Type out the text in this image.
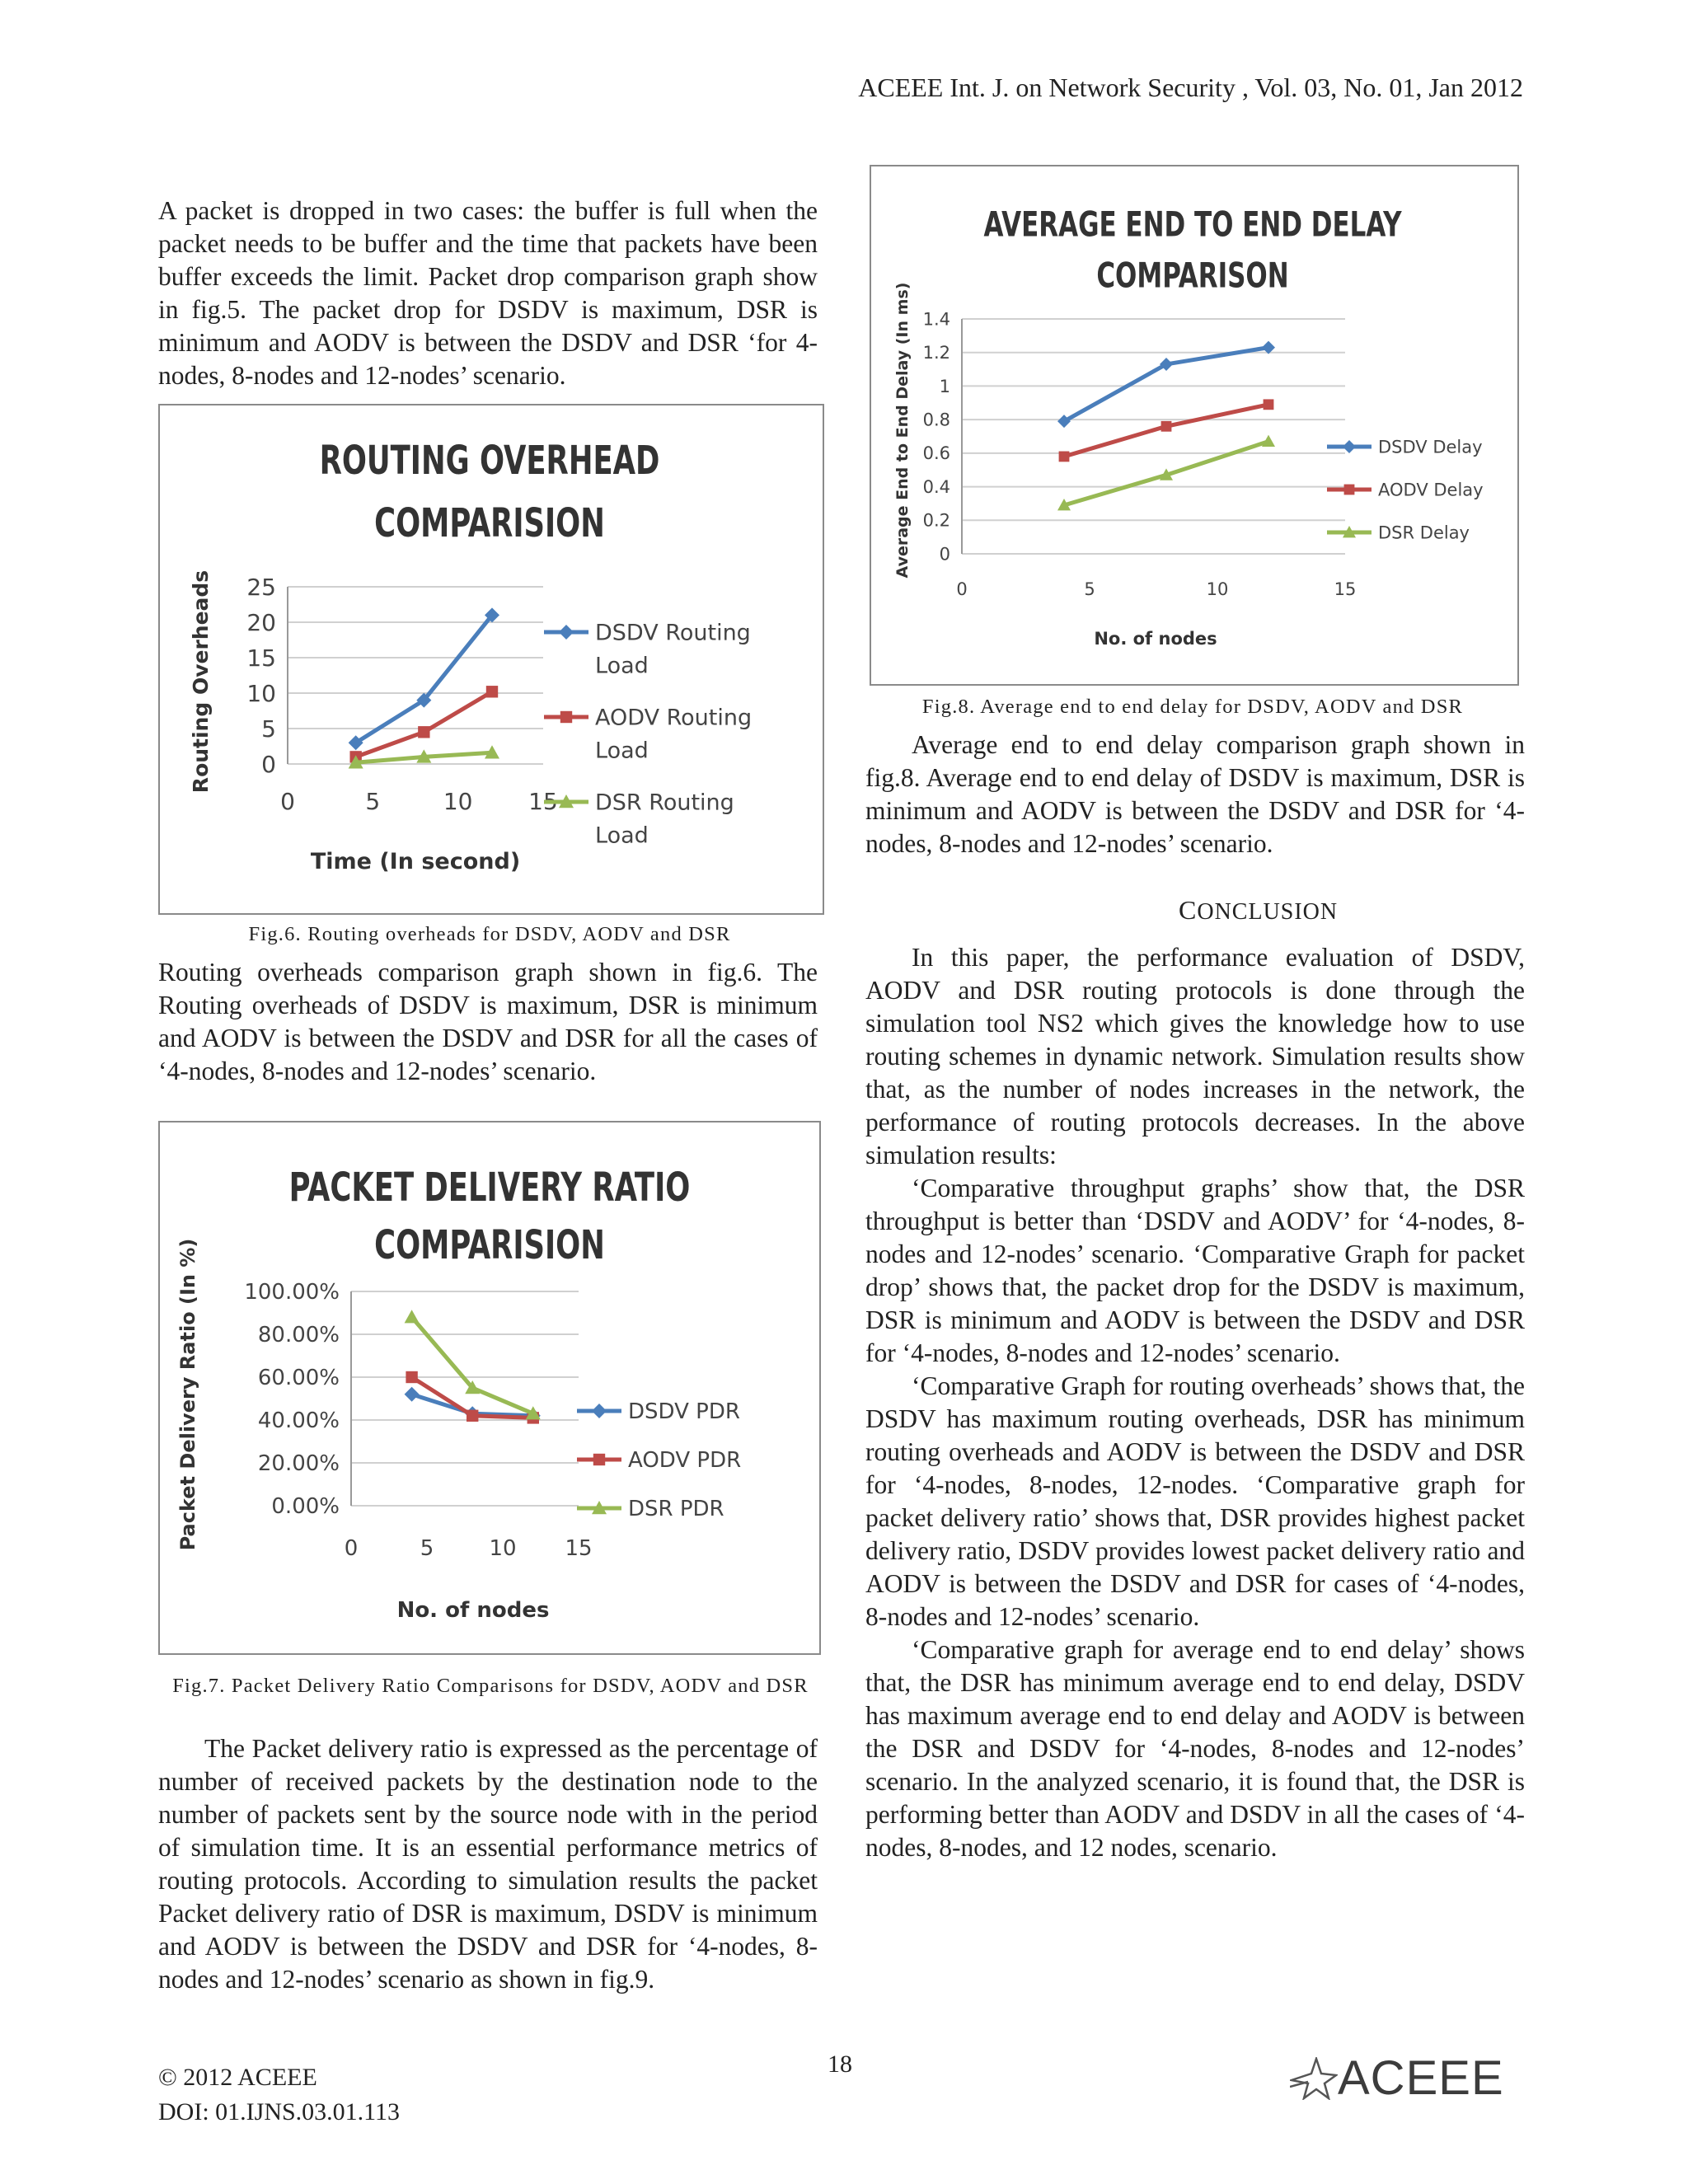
ACEEE Int. J. on Network Security , Vol. 03, No. 01, Jan 2012

A packet is dropped in two cases: the buffer is full when the packet needs to be buffer and the time that packets have been buffer exceeds the limit. Packet drop comparison graph show in fig.5. The packet drop for DSDV is maximum, DSR is minimum and AODV is between the DSDV and DSR ‘for 4-nodes, 8-nodes and 12-nodes’ scenario.

ROUTING OVERHEAD
COMPARISION
0
5
10
15
20
25
0	5	10 15
Time (In second)
Routing Overheads	DSDV Routing
Load
AODV Routing
Load
DSR Routing
Load
Fig.6. Routing overheads for DSDV, AODV and DSR

Routing overheads comparison graph shown in fig.6. The Routing overheads of DSDV is maximum, DSR is minimum and AODV is between the DSDV and DSR for all the cases of ‘4-nodes, 8-nodes and 12-nodes’ scenario.

PACKET DELIVERY RATIO
COMPARISION
0.00%
20.00%
40.00%
60.00%
80.00%
100.00%
0	5	10 15
No. of nodes
Packet Delivery Ratio (In %)	DSDV PDR
AODV PDR
DSR PDR
Fig.7. Packet Delivery Ratio Comparisons for DSDV, AODV and DSR

The Packet delivery ratio is expressed as the percentage of number of received packets by the destination node to the number of packets sent by the source node with in the period of simulation time. It is an essential performance metrics of routing protocols. According to simulation results the packet Packet delivery ratio of DSR is maximum, DSDV is minimum and AODV is between the DSDV and DSR for ‘4-nodes, 8-nodes and 12-nodes’ scenario as shown in fig.9.

AVERAGE END TO END DELAY
COMPARISON
0
0.2
0.4
0.6
0.8
1
1.2
1.4
0	5	10	15
No. of nodes
Average End to End Delay (In ms)	DSDV Delay
AODV Delay
DSR Delay
Fig.8. Average end to end delay for DSDV, AODV and DSR

Average end to end delay comparison graph shown in fig.8. Average end to end delay of DSDV is maximum, DSR is minimum and AODV is between the DSDV and DSR for ‘4-nodes, 8-nodes and 12-nodes’ scenario.

CONCLUSION

In this paper, the performance evaluation of DSDV, AODV and DSR routing protocols is done through the simulation tool NS2 which gives the knowledge how to use routing schemes in dynamic network. Simulation results show that, as the number of nodes increases in the network, the performance of routing protocols decreases. In the above simulation results:

‘Comparative throughput graphs’ show that, the DSR throughput is better than ‘DSDV and AODV’ for ‘4-nodes, 8-nodes and 12-nodes’ scenario. ‘Comparative Graph for packet drop’ shows that, the packet drop for the DSDV is maximum, DSR is minimum and AODV is between the DSDV and DSR for ‘4-nodes, 8-nodes and 12-nodes’ scenario.

‘Comparative Graph for routing overheads’ shows that, the DSDV has maximum routing overheads, DSR has minimum routing overheads and AODV is between the DSDV and DSR for ‘4-nodes, 8-nodes, 12-nodes. ‘Comparative graph for packet delivery ratio’ shows that, DSR provides highest packet delivery ratio, DSDV provides lowest packet delivery ratio and AODV is between the DSDV and DSR for cases of ‘4-nodes, 8-nodes and 12-nodes’ scenario.

‘Comparative graph for average end to end delay’ shows that, the DSR has minimum average end to end delay, DSDV has maximum average end to end delay and AODV is between the DSR and DSDV for ‘4-nodes, 8-nodes and 12-nodes’ scenario. In the analyzed scenario, it is found that, the DSR is performing better than AODV and DSDV in all the cases of ‘4-nodes, 8-nodes, and 12 nodes, scenario.

© 2012 ACEEE
DOI: 01.IJNS.03.01.113
18	ACEEE
